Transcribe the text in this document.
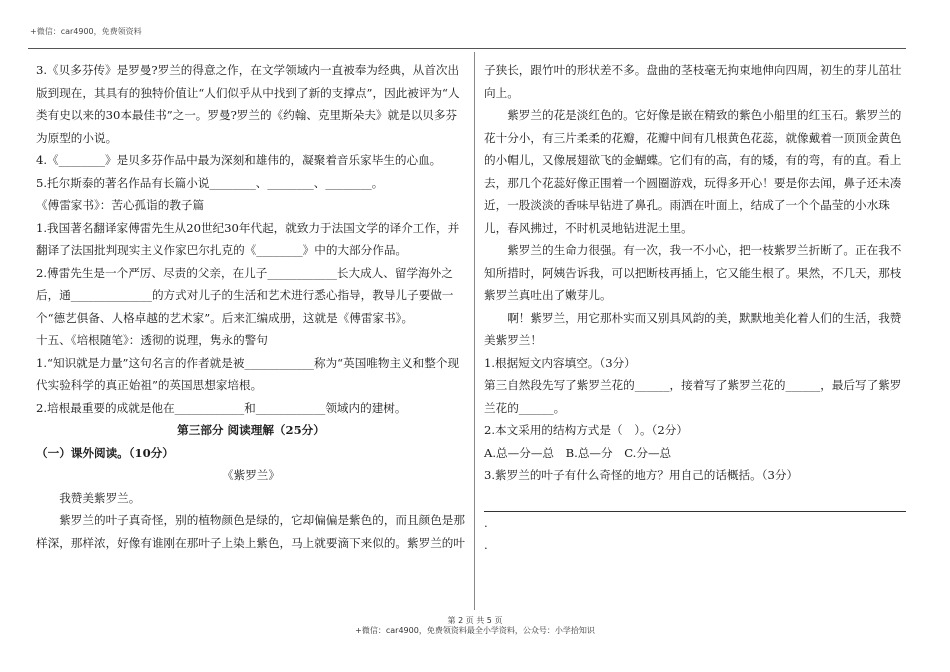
+微信：car4900，免费领资料

3.《贝多芬传》是罗曼?罗兰的得意之作，在文学领域内一直被奉为经典，从首次出版到现在，其具有的独特价值让“人们似乎从中找到了新的支撑点”，因此被评为“人类有史以来的30本最佳书”之一。罗曼?罗兰的《约翰、克里斯朵夫》就是以贝多芬为原型的小说。

4.《________》是贝多芬作品中最为深刻和雄伟的，凝聚着音乐家毕生的心血。

5.托尔斯泰的著名作品有长篇小说________、________、________。

《傅雷家书》：苦心孤诣的教子篇

1.我国著名翻译家傅雷先生从20世纪30年代起，就致力于法国文学的译介工作，并翻译了法国批判现实主义作家巴尔扎克的《________》中的大部分作品。

2.傅雷先生是一个严厉、尽责的父亲，在儿子____________长大成人、留学海外之后，通______________的方式对儿子的生活和艺术进行悉心指导，教导儿子要做一个“德艺俱备、人格卓越的艺术家”。后来汇编成册，这就是《傅雷家书》。

十五、《培根随笔》：透彻的说理，隽永的警句

1.“知识就是力量”这句名言的作者就是被____________称为“英国唯物主义和整个现代实验科学的真正始祖”的英国思想家培根。

2.培根最重要的成就是他在____________和____________领域内的建树。

第三部分 阅读理解（25分）

（一）课外阅读。（10分）

《紫罗兰》

我赞美紫罗兰。

紫罗兰的叶子真奇怪，别的植物颜色是绿的，它却偏偏是紫色的，而且颜色是那样深，那样浓，好像有谁刚在那叶子上染上紫色，马上就要滴下来似的。紫罗兰的叶

子狭长，跟竹叶的形状差不多。盘曲的茎枝毫无拘束地伸向四周，初生的芽儿茁壮向上。

紫罗兰的花是淡红色的。它好像是嵌在精致的紫色小船里的红玉石。紫罗兰的花十分小，有三片柔柔的花瓣，花瓣中间有几根黄色花蕊，就像戴着一顶顶金黄色的小帽儿，又像展翅欲飞的金蝴蝶。它们有的高，有的矮，有的弯，有的直。看上去，那几个花蕊好像正围着一个圆圈游戏，玩得多开心！要是你去闻，鼻子还未凑近，一股淡淡的香味早钻进了鼻孔。雨洒在叶面上，结成了一个个晶莹的小水珠儿，春风拂过，不时机灵地钻进泥土里。

紫罗兰的生命力很强。有一次，我一不小心，把一枝紫罗兰折断了。正在我不知所措时，阿姨告诉我，可以把断枝再插上，它又能生根了。果然，不几天，那枝紫罗兰真吐出了嫩芽儿。

啊！紫罗兰，用它那朴实而又别具风韵的美，默默地美化着人们的生活，我赞美紫罗兰！

1.根据短文内容填空。（3分）

第三自然段先写了紫罗兰花的______，接着写了紫罗兰花的______，最后写了紫罗兰花的______。

2.本文采用的结构方式是（　）。（2分）

A.总—分—总　B.总—分　C.分—总

3.紫罗兰的叶子有什么奇怪的地方？用自己的话概括。（3分）

.
.
第 2 页 共 5 页
+微信：car4900，免费领资料最全小学资料，公众号：小学拾知识
